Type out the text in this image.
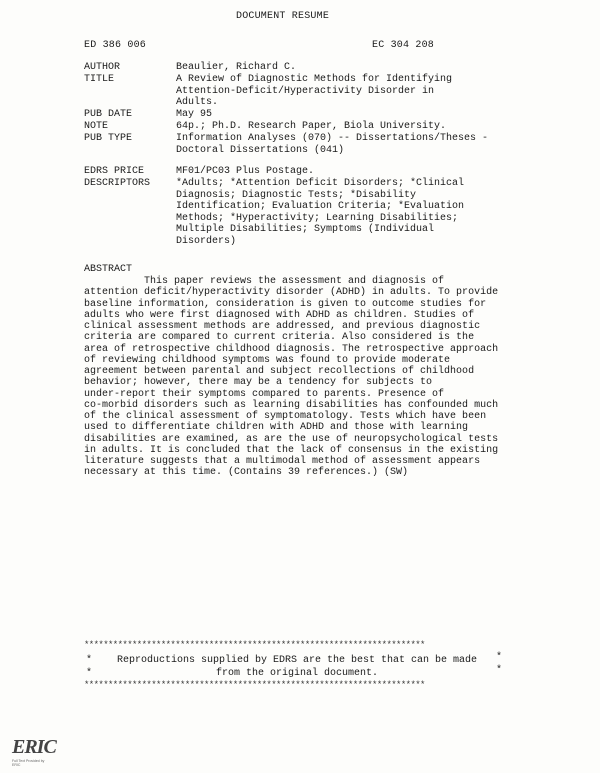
DOCUMENT RESUME
ED 386 006	EC 304 208
AUTHOR	Beaulier, Richard C.
TITLE	A Review of Diagnostic Methods for Identifying
Attention-Deficit/Hyperactivity Disorder in
Adults.
PUB DATE	May 95
NOTE	64p.; Ph.D. Research Paper, Biola University.
PUB TYPE	Information Analyses (070) -- Dissertations/Theses -
Doctoral Dissertations (041)
EDRS PRICE	MF01/PC03 Plus Postage.
DESCRIPTORS	*Adults; *Attention Deficit Disorders; *Clinical
Diagnosis; Diagnostic Tests; *Disability
Identification; Evaluation Criteria; *Evaluation
Methods; *Hyperactivity; Learning Disabilities;
Multiple Disabilities; Symptoms (Individual
Disorders)
ABSTRACT
This paper reviews the assessment and diagnosis of
attention deficit/hyperactivity disorder (ADHD) in adults. To provide
baseline information, consideration is given to outcome studies for
adults who were first diagnosed with ADHD as children. Studies of
clinical assessment methods are addressed, and previous diagnostic
criteria are compared to current criteria. Also considered is the
area of retrospective childhood diagnosis. The retrospective approach
of reviewing childhood symptoms was found to provide moderate
agreement between parental and subject recollections of childhood
behavior; however, there may be a tendency for subjects to
under-report their symptoms compared to parents. Presence of
co-morbid disorders such as learning disabilities has confounded much
of the clinical assessment of symptomatology. Tests which have been
used to differentiate children with ADHD and those with learning
disabilities are examined, as are the use of neuropsychological tests
in adults. It is concluded that the lack of consensus in the existing
literature suggests that a multimodal method of assessment appears
necessary at this time. (Contains 39 references.) (SW)
***********************************************************************
* Reproductions supplied by EDRS are the best that can be made *
*	from the original document.	*
***********************************************************************
ERIC
Full Text Provided by ERIC
